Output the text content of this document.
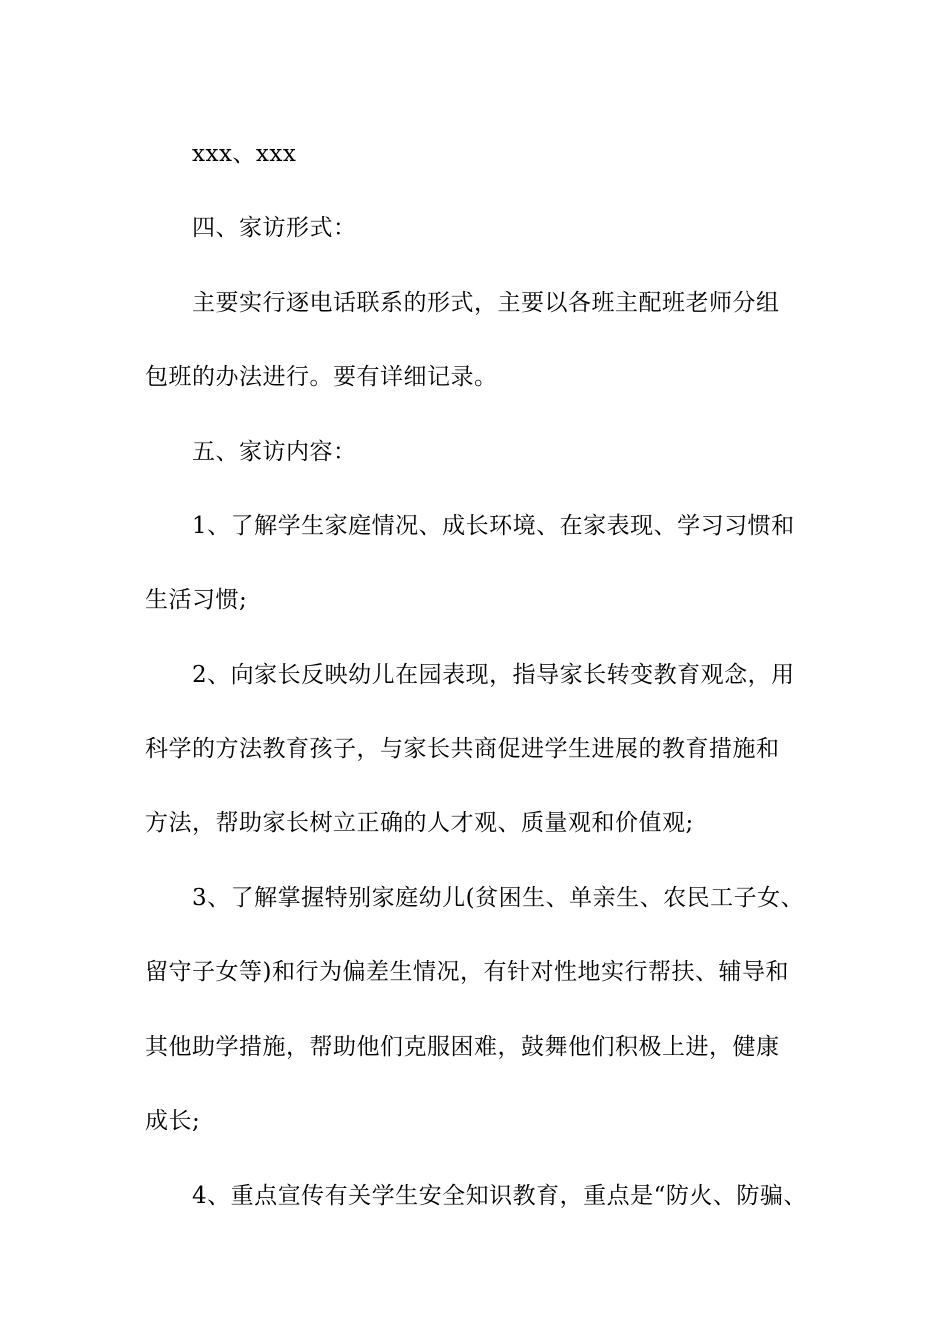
xxx、xxx
四、家访形式：
主要实行逐电话联系的形式，主要以各班主配班老师分组
包班的办法进行。要有详细记录。
五、家访内容：
1、了解学生家庭情况、成长环境、在家表现、学习习惯和
生活习惯;
2、向家长反映幼儿在园表现，指导家长转变教育观念，用
科学的方法教育孩子，与家长共商促进学生进展的教育措施和
方法，帮助家长树立正确的人才观、质量观和价值观;
3、了解掌握特别家庭幼儿(贫困生、单亲生、农民工子女、
留守子女等)和行为偏差生情况，有针对性地实行帮扶、辅导和
其他助学措施，帮助他们克服困难，鼓舞他们积极上进，健康
成长;
4、重点宣传有关学生安全知识教育，重点是“防火、防骗、
